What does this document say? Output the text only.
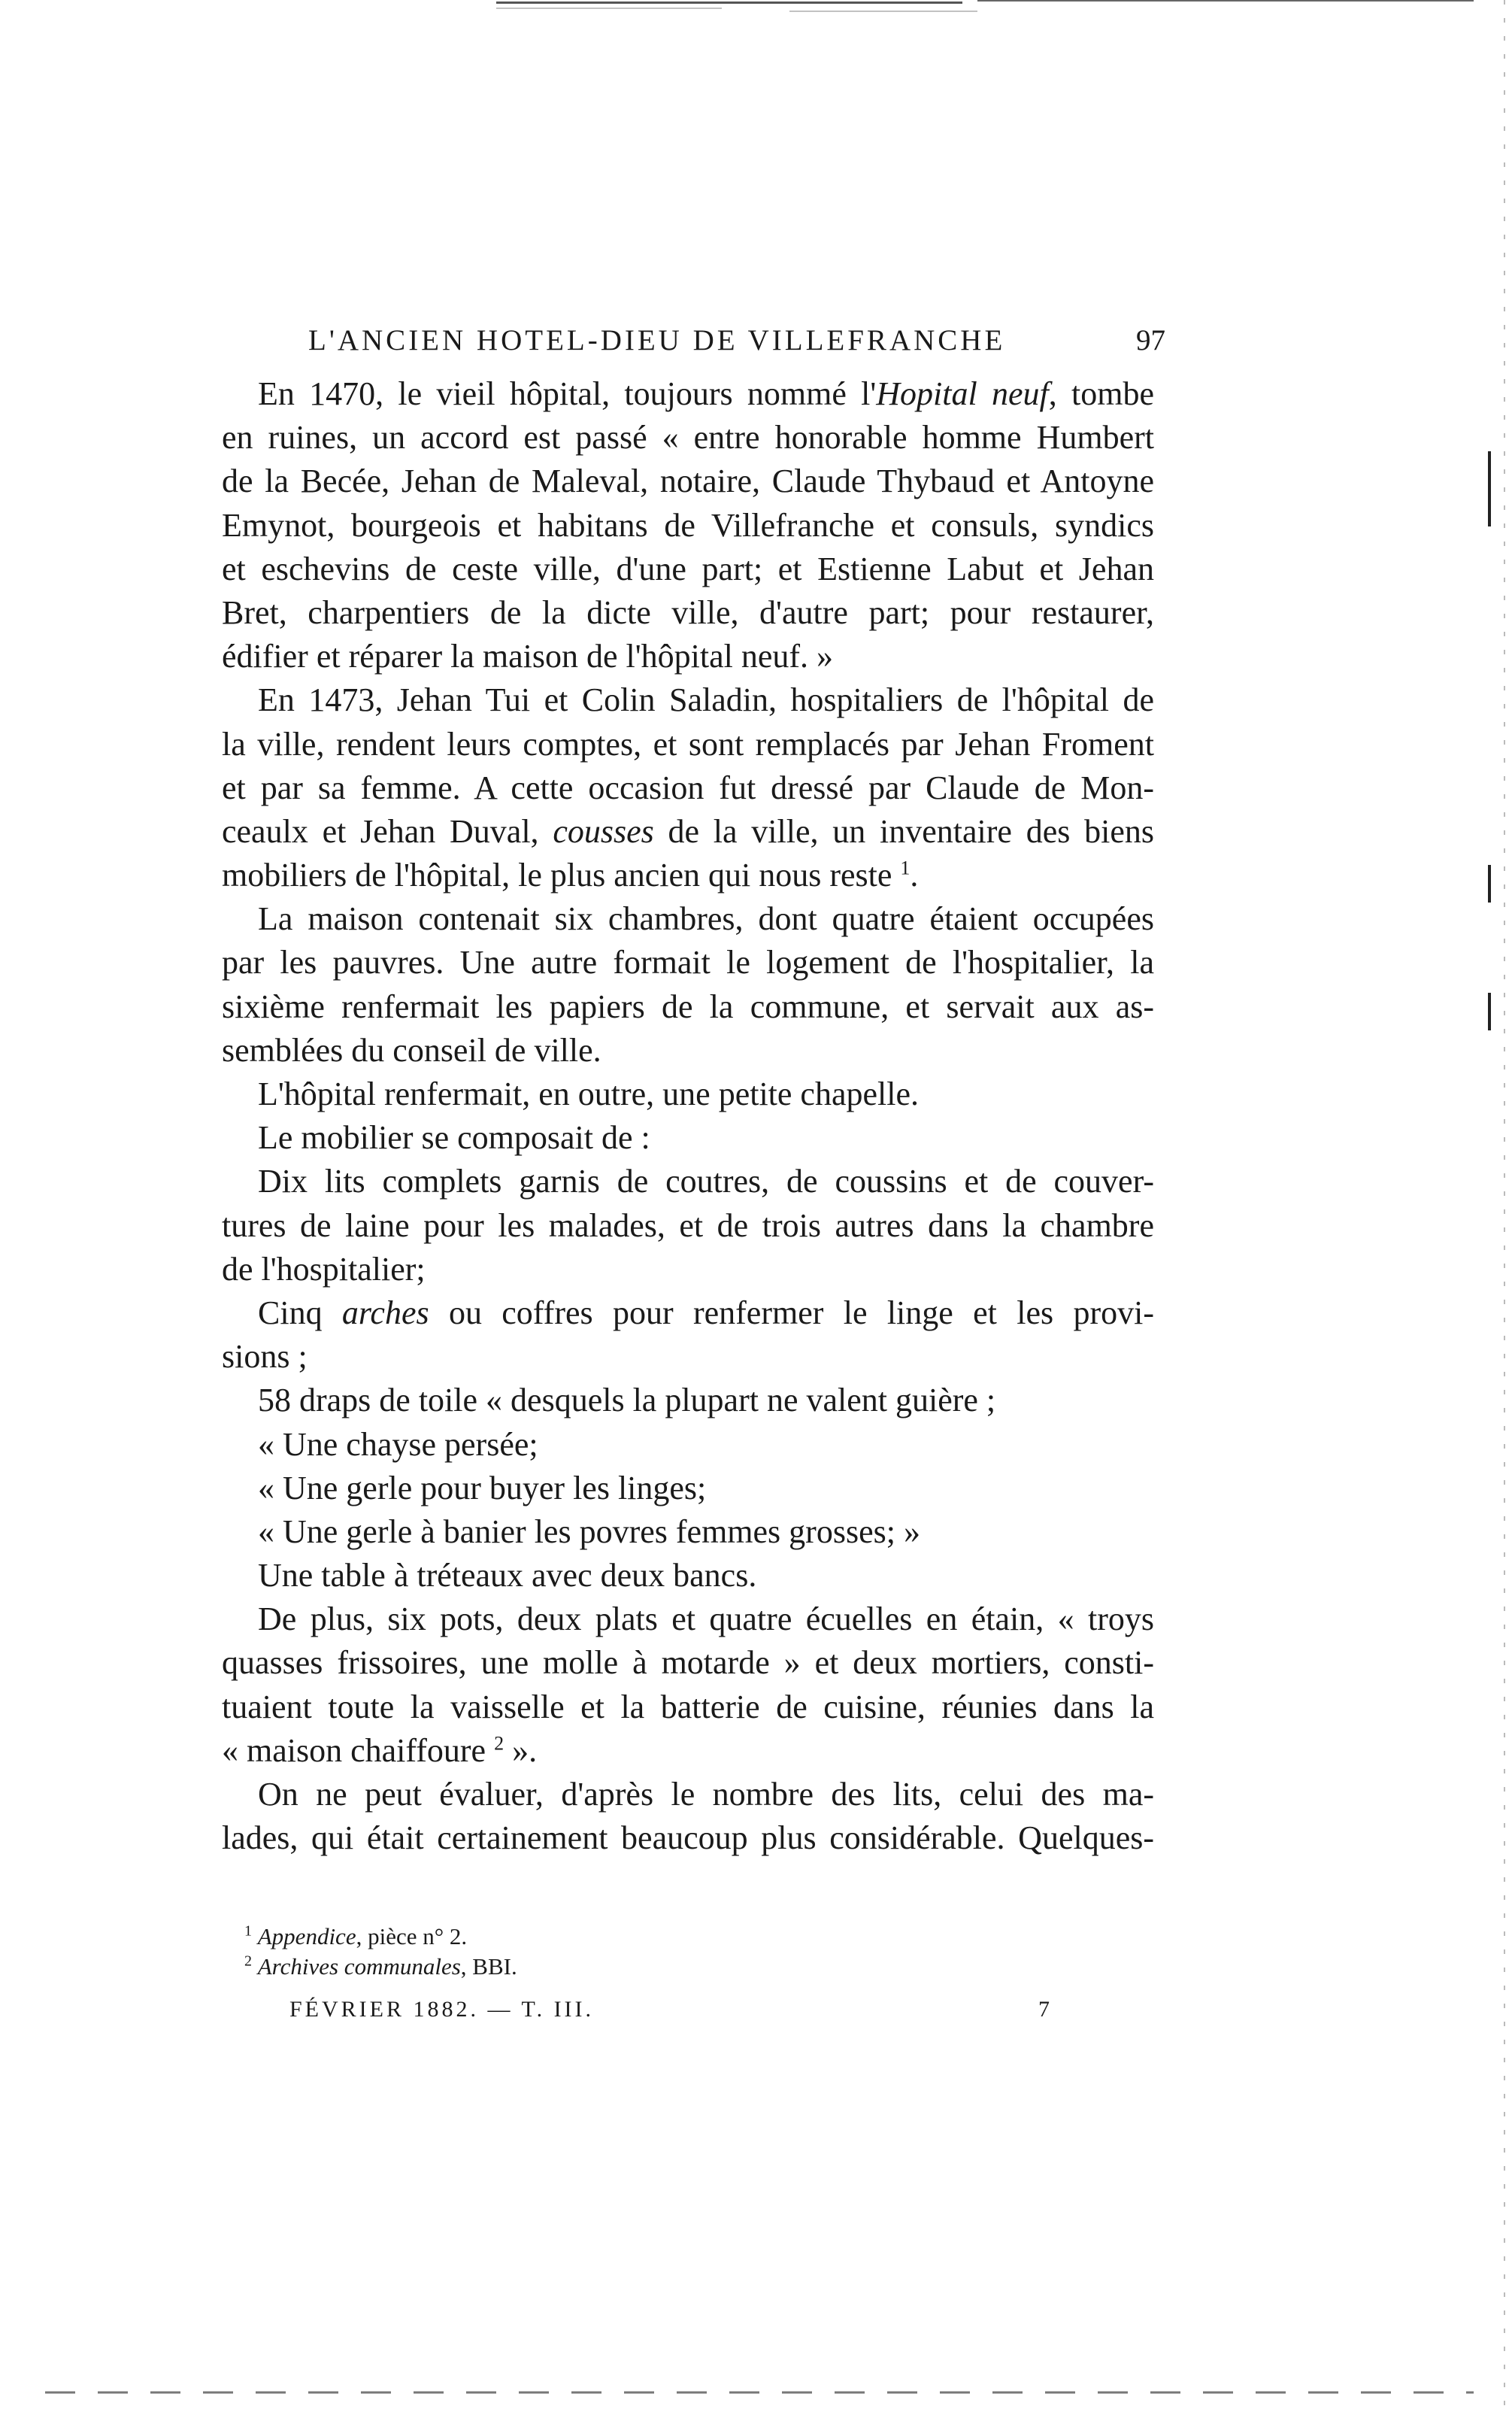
L'ANCIEN HOTEL-DIEU DE VILLEFRANCHE	97
En 1470, le vieil hôpital, toujours nommé l'Hopital neuf, tombe
en ruines, un accord est passé « entre honorable homme Humbert
de la Becée, Jehan de Maleval, notaire, Claude Thybaud et Antoyne
Emynot, bourgeois et habitans de Villefranche et consuls, syndics
et eschevins de ceste ville, d'une part; et Estienne Labut et Jehan
Bret, charpentiers de la dicte ville, d'autre part; pour restaurer,
édifier et réparer la maison de l'hôpital neuf. »
En 1473, Jehan Tui et Colin Saladin, hospitaliers de l'hôpital de
la ville, rendent leurs comptes, et sont remplacés par Jehan Froment
et par sa femme. A cette occasion fut dressé par Claude de Mon-
ceaulx et Jehan Duval, cousses de la ville, un inventaire des biens
mobiliers de l'hôpital, le plus ancien qui nous reste $^1$.
La maison contenait six chambres, dont quatre étaient occupées
par les pauvres. Une autre formait le logement de l'hospitalier, la
sixième renfermait les papiers de la commune, et servait aux as-
semblées du conseil de ville.
L'hôpital renfermait, en outre, une petite chapelle.
Le mobilier se composait de :
Dix lits complets garnis de coutres, de coussins et de couver-
tures de laine pour les malades, et de trois autres dans la chambre
de l'hospitalier;
Cinq arches ou coffres pour renfermer le linge et les provi-
sions ;
58 draps de toile « desquels la plupart ne valent guière ;
« Une chayse persée;
« Une gerle pour buyer les linges;
« Une gerle à banier les povres femmes grosses; »
Une table à tréteaux avec deux bancs.
De plus, six pots, deux plats et quatre écuelles en étain, « troys
quasses frissoires, une molle à motarde » et deux mortiers, consti-
tuaient toute la vaisselle et la batterie de cuisine, réunies dans la
« maison chaiffoure $^2$ ».
On ne peut évaluer, d'après le nombre des lits, celui des ma-
lades, qui était certainement beaucoup plus considérable. Quelques-
$^1$ Appendice, pièce n° 2.
$^2$ Archives communales, BBI.
FÉVRIER 1882. — T. III.	7
